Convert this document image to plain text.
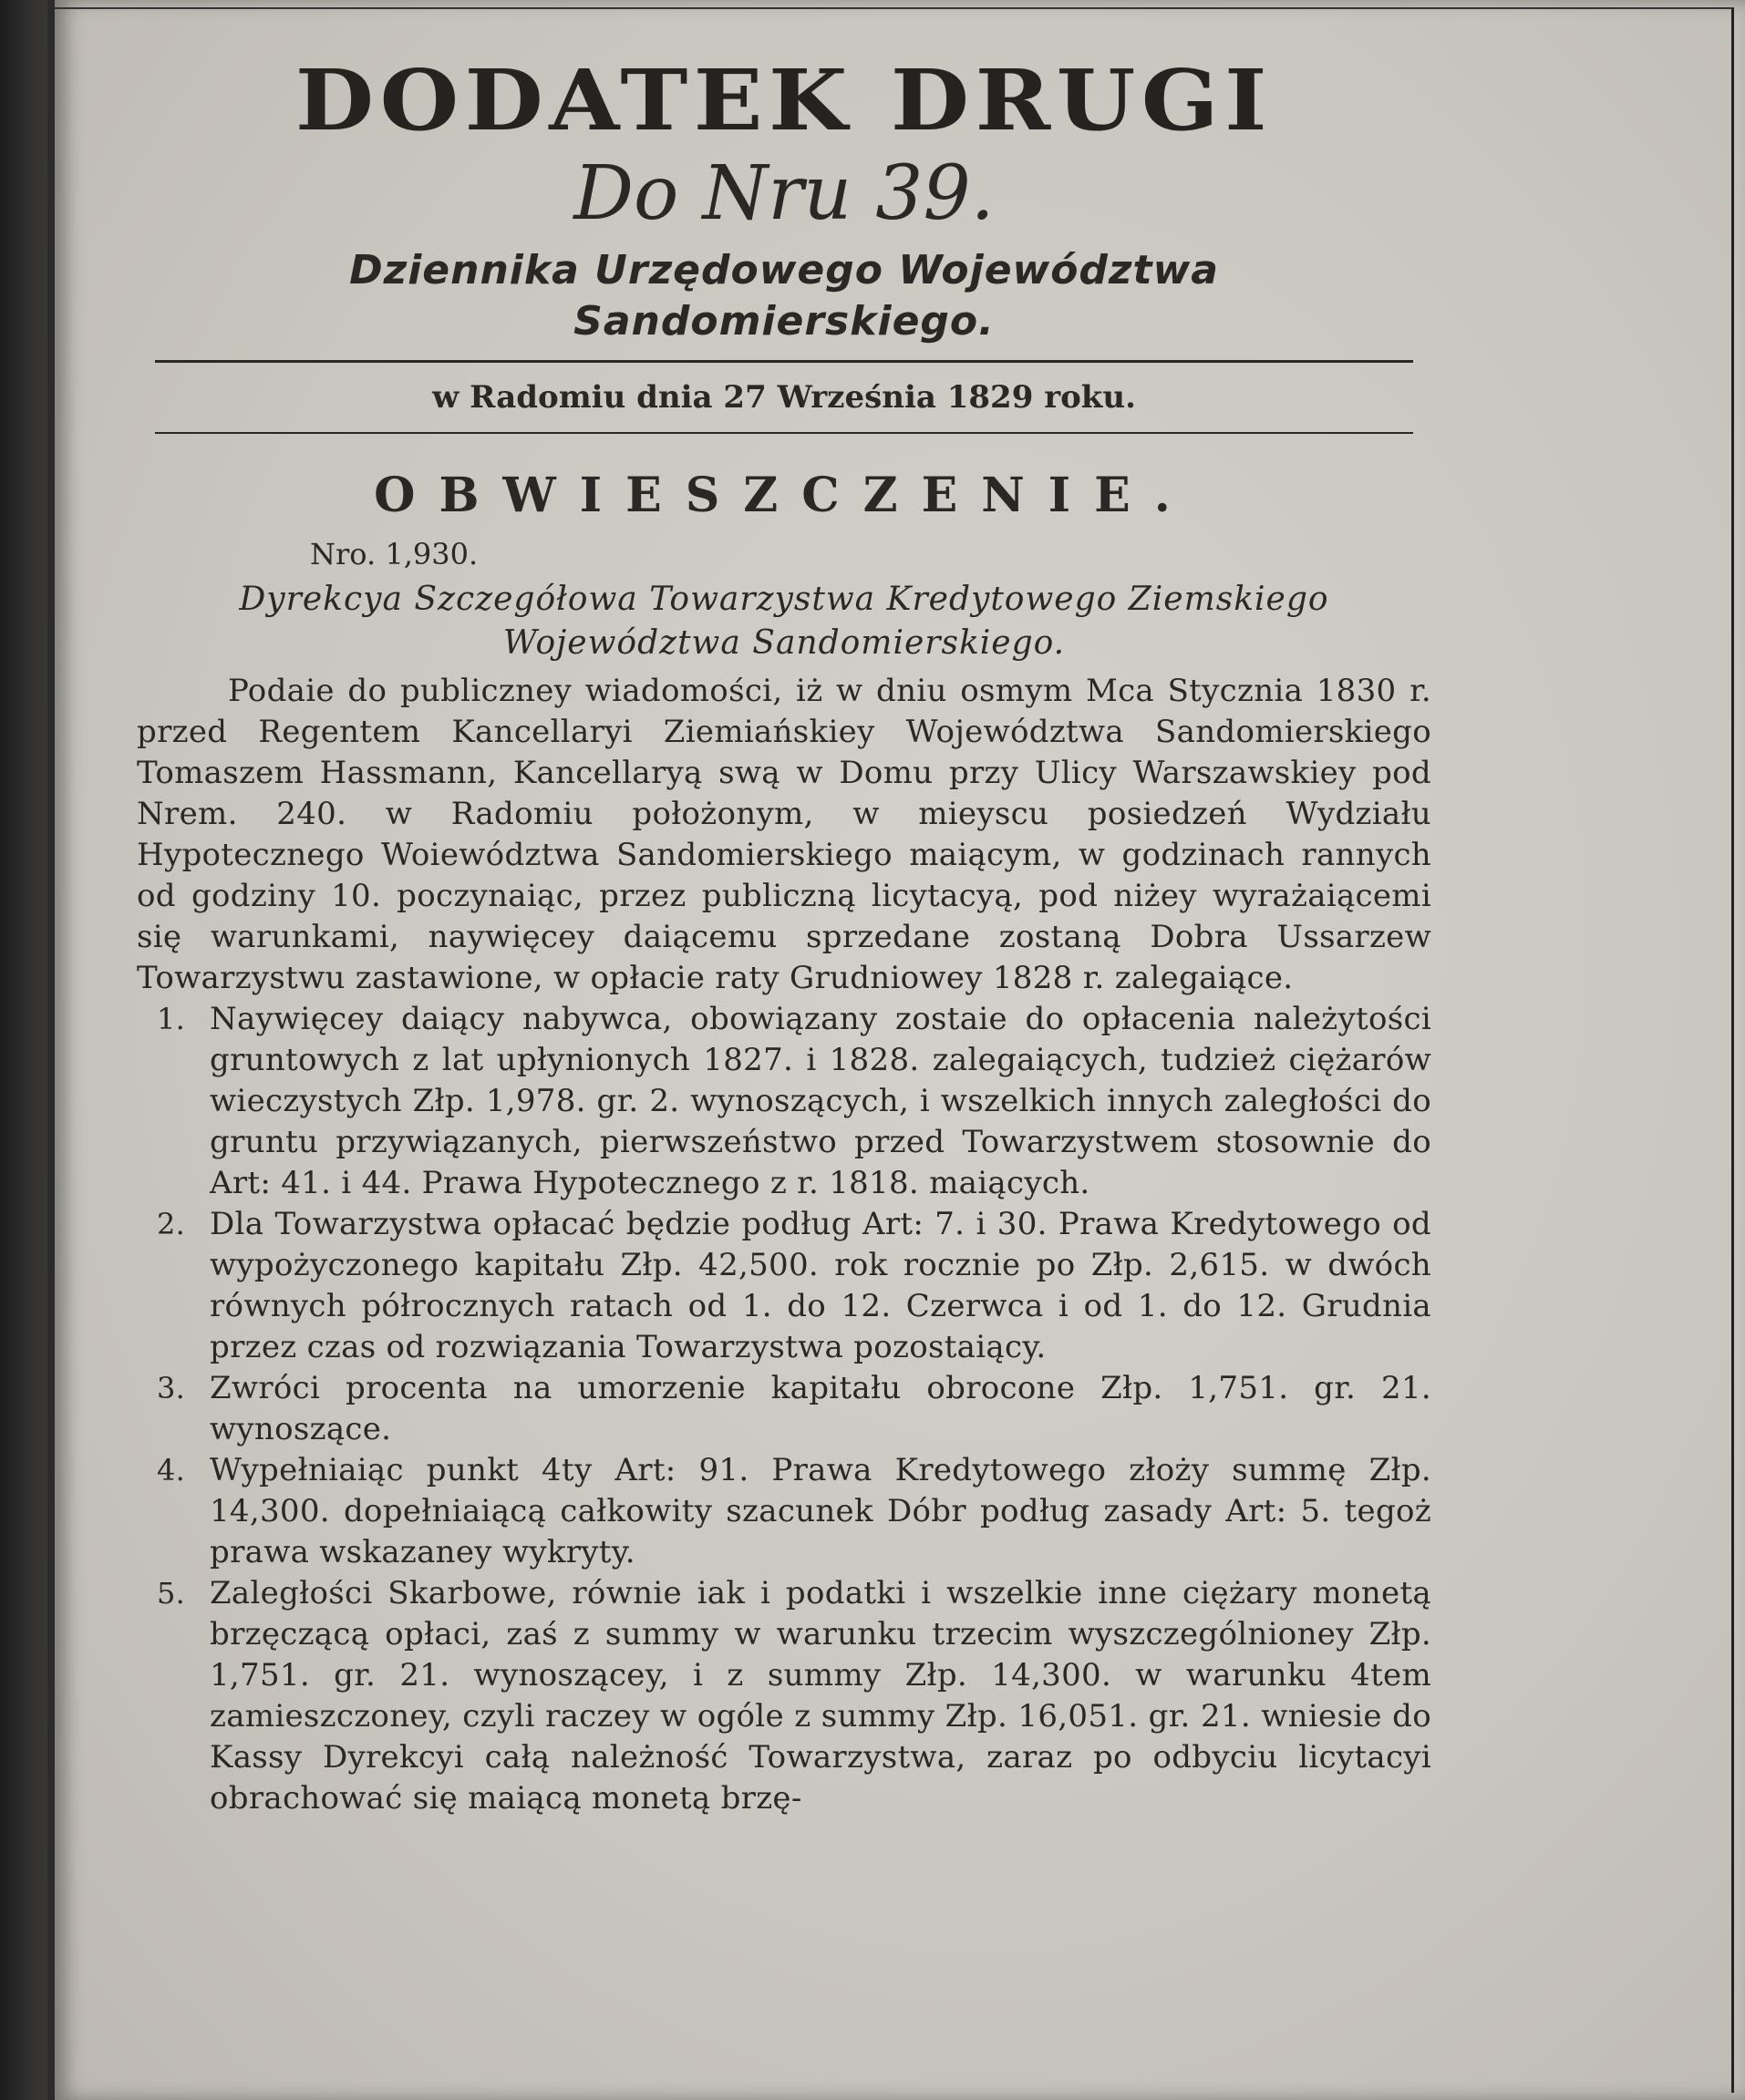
DODATEK DRUGI
Do Nru 39.
Dziennika Urzędowego Województwa Sandomierskiego.
w Radomiu dnia 27 Września 1829 roku.
OBWIESZCZENIE.
Nro. 1,930.
Dyrekcya Szczegółowa Towarzystwa Kredytowego Ziemskiego
Województwa Sandomierskiego.

Podaie do publiczney wiadomości, iż w dniu osmym Mca Stycznia 1830 r. przed Regentem Kancellaryi Ziemiańskiey Województwa Sandomierskiego Tomaszem Hassmann, Kancellaryą swą w Domu przy Ulicy Warszawskiey pod Nrem. 240. w Radomiu położonym, w mieyscu posiedzeń Wydziału Hypotecznego Woiewództwa Sandomierskiego maiącym, w godzinach rannych od godziny 10. poczynaiąc, przez publiczną licytacyą, pod niżey wyrażaiącemi się warunkami, naywięcey daiącemu sprzedane zostaną Dobra Ussarzew Towarzystwu zastawione, w opłacie raty Grudniowey 1828 r. zalegaiące.

1. Naywięcey daiący nabywca, obowiązany zostaie do opłacenia należytości gruntowych z lat upłynionych 1827. i 1828. zalegaiących, tudzież ciężarów wieczystych Złp. 1,978. gr. 2. wynoszących, i wszelkich innych zaległości do gruntu przywiązanych, pierwszeństwo przed Towarzystwem stosownie do Art: 41. i 44. Prawa Hypotecznego z r. 1818. maiących.
2. Dla Towarzystwa opłacać będzie podług Art: 7. i 30. Prawa Kredytowego od wypożyczonego kapitału Złp. 42,500. rok rocznie po Złp. 2,615. w dwóch równych półrocznych ratach od 1. do 12. Czerwca i od 1. do 12. Grudnia przez czas od rozwiązania Towarzystwa pozostaiący.
3. Zwróci procenta na umorzenie kapitału obrocone Złp. 1,751. gr. 21. wynoszące.
4. Wypełniaiąc punkt 4ty Art: 91. Prawa Kredytowego złoży summę Złp. 14,300. dopełniaiącą całkowity szacunek Dóbr podług zasady Art: 5. tegoż prawa wskazaney wykryty.
5. Zaległości Skarbowe, równie iak i podatki i wszelkie inne ciężary monetą brzęczącą opłaci, zaś z summy w warunku trzecim wyszczególnioney Złp. 1,751. gr. 21. wynoszącey, i z summy Złp. 14,300. w warunku 4tem zamieszczoney, czyli raczey w ogóle z summy Złp. 16,051. gr. 21. wniesie do Kassy Dyrekcyi całą należność Towarzystwa, zaraz po odbyciu licytacyi obrachować się maiącą monetą brzę-
